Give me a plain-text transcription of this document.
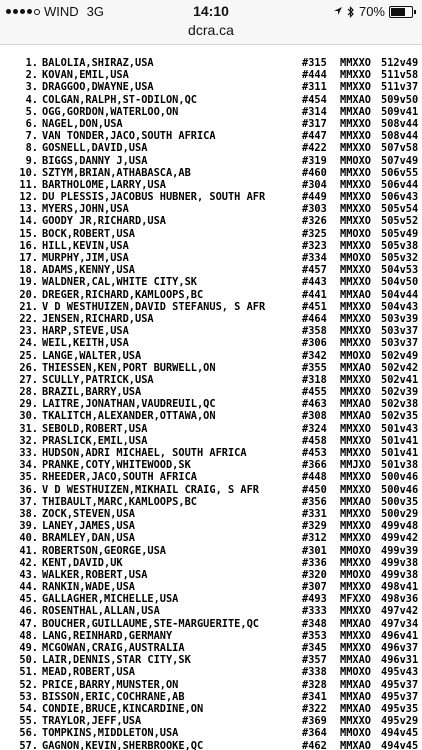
WIND 3G	14:10	70%
dcra.ca

1. BALOLIA,SHIRAZ,USA	#315	MMXXO 512v49
2. KOVAN,EMIL,USA	#444	MMXXO 511v58
3. DRAGGOO,DWAYNE,USA	#311	MMXXO 511v37
4. COLGAN,RALPH,ST-ODILON,QC	#454	MMXAO 509v50
5. OGG,GORDON,WATERLOO,ON	#314	MMXAO 509v41
6. NAGEL,DON,USA	#317	MMXXO 508v44
7. VAN TONDER,JACO,SOUTH AFRICA	#447	MMXXO 508v44
8. GOSNELL,DAVID,USA	#422	MMXXO 507v58
9. BIGGS,DANNY J,USA	#319	MMOXO 507v49
10. SZTYM,BRIAN,ATHABASCA,AB	#460	MMXXO 506v55
11. BARTHOLOME,LARRY,USA	#304	MMXXO 506v44
12. DU PLESSIS,JACOBUS HUBNER, SOUTH AFR	#449	MMXXO 506v43
13. MYERS,JOHN,USA	#303	MMXXO 505v54
14. GOODY JR,RICHARD,USA	#326	MMXXO 505v52
15. BOCK,ROBERT,USA	#325	MMOXO 505v49
16. HILL,KEVIN,USA	#323	MMXXO 505v38
17. MURPHY,JIM,USA	#334	MMOXO 505v32
18. ADAMS,KENNY,USA	#457	MMXXO 504v53
19. WALDNER,CAL,WHITE CITY,SK	#443	MMXXO 504v50
20. DREGER,RICHARD,KAMLOOPS,BC	#441	MMXAO 504v44
21. V D WESTHUIZEN,DAVID STEFANUS, S AFR	#451	MMXXO 504v43
22. JENSEN,RICHARD,USA	#464	MMXXO 503v39
23. HARP,STEVE,USA	#358	MMXXO 503v37
24. WEIL,KEITH,USA	#306	MMXXO 503v37
25. LANGE,WALTER,USA	#342	MMOXO 502v49
26. THIESSEN,KEN,PORT BURWELL,ON	#355	MMXAO 502v42
27. SCULLY,PATRICK,USA	#318	MMXXO 502v41
28. BRAZIL,BARRY,USA	#455	MMXXO 502v39
29. LAITRE,JONATHAN,VAUDREUIL,QC	#463	MMXAO 502v38
30. TKALITCH,ALEXANDER,OTTAWA,ON	#308	MMXAO 502v35
31. SEBOLD,ROBERT,USA	#324	MMXXO 501v43
32. PRASLICK,EMIL,USA	#458	MMXXO 501v41
33. HUDSON,ADRI MICHAEL, SOUTH AFRICA	#453	MMXXO 501v41
34. PRANKE,COTY,WHITEWOOD,SK	#366	MMJXO 501v38
35. RHEEDER,JACO,SOUTH AFRICA	#448	MMXXO 500v46
36. V D WESTHUIZEN,MIKHAIL CRAIG, S AFR	#450	MMXXO 500v46
37. THIBAULT,MARC,KAMLOOPS,BC	#356	MMXAO 500v35
38. ZOCK,STEVEN,USA	#331	MMXXO 500v29
39. LANEY,JAMES,USA	#329	MMXXO 499v48
40. BRAMLEY,DAN,USA	#312	MMXXO 499v42
41. ROBERTSON,GEORGE,USA	#301	MMOXO 499v39
42. KENT,DAVID,UK	#336	MMXXO 499v38
43. WALKER,ROBERT,USA	#320	MMOXO 499v38
44. RANKIN,WADE,USA	#307	MMXXO 498v41
45. GALLAGHER,MICHELLE,USA	#493	MFXXO 498v36
46. ROSENTHAL,ALLAN,USA	#333	MMXXO 497v42
47. BOUCHER,GUILLAUME,STE-MARGUERITE,QC	#348	MMXAO 497v34
48. LANG,REINHARD,GERMANY	#353	MMXXO 496v41
49. MCGOWAN,CRAIG,AUSTRALIA	#345	MMXXO 496v37
50. LAIR,DENNIS,STAR CITY,SK	#357	MMXAO 496v31
51. MEAD,ROBERT,USA	#338	MMOXO 495v43
52. PRICE,BARRY,MUNSTER,ON	#328	MMXAO 495v37
53. BISSON,ERIC,COCHRANE,AB	#341	MMXAO 495v37
54. CONDIE,BRUCE,KINCARDINE,ON	#322	MMXAO 495v35
55. TRAYLOR,JEFF,USA	#369	MMXXO 495v29
56. TOMPKINS,MIDDLETON,USA	#364	MMOXO 494v45
57. GAGNON,KEVIN,SHERBROOKE,QC	#462	MMXAO 494v45
